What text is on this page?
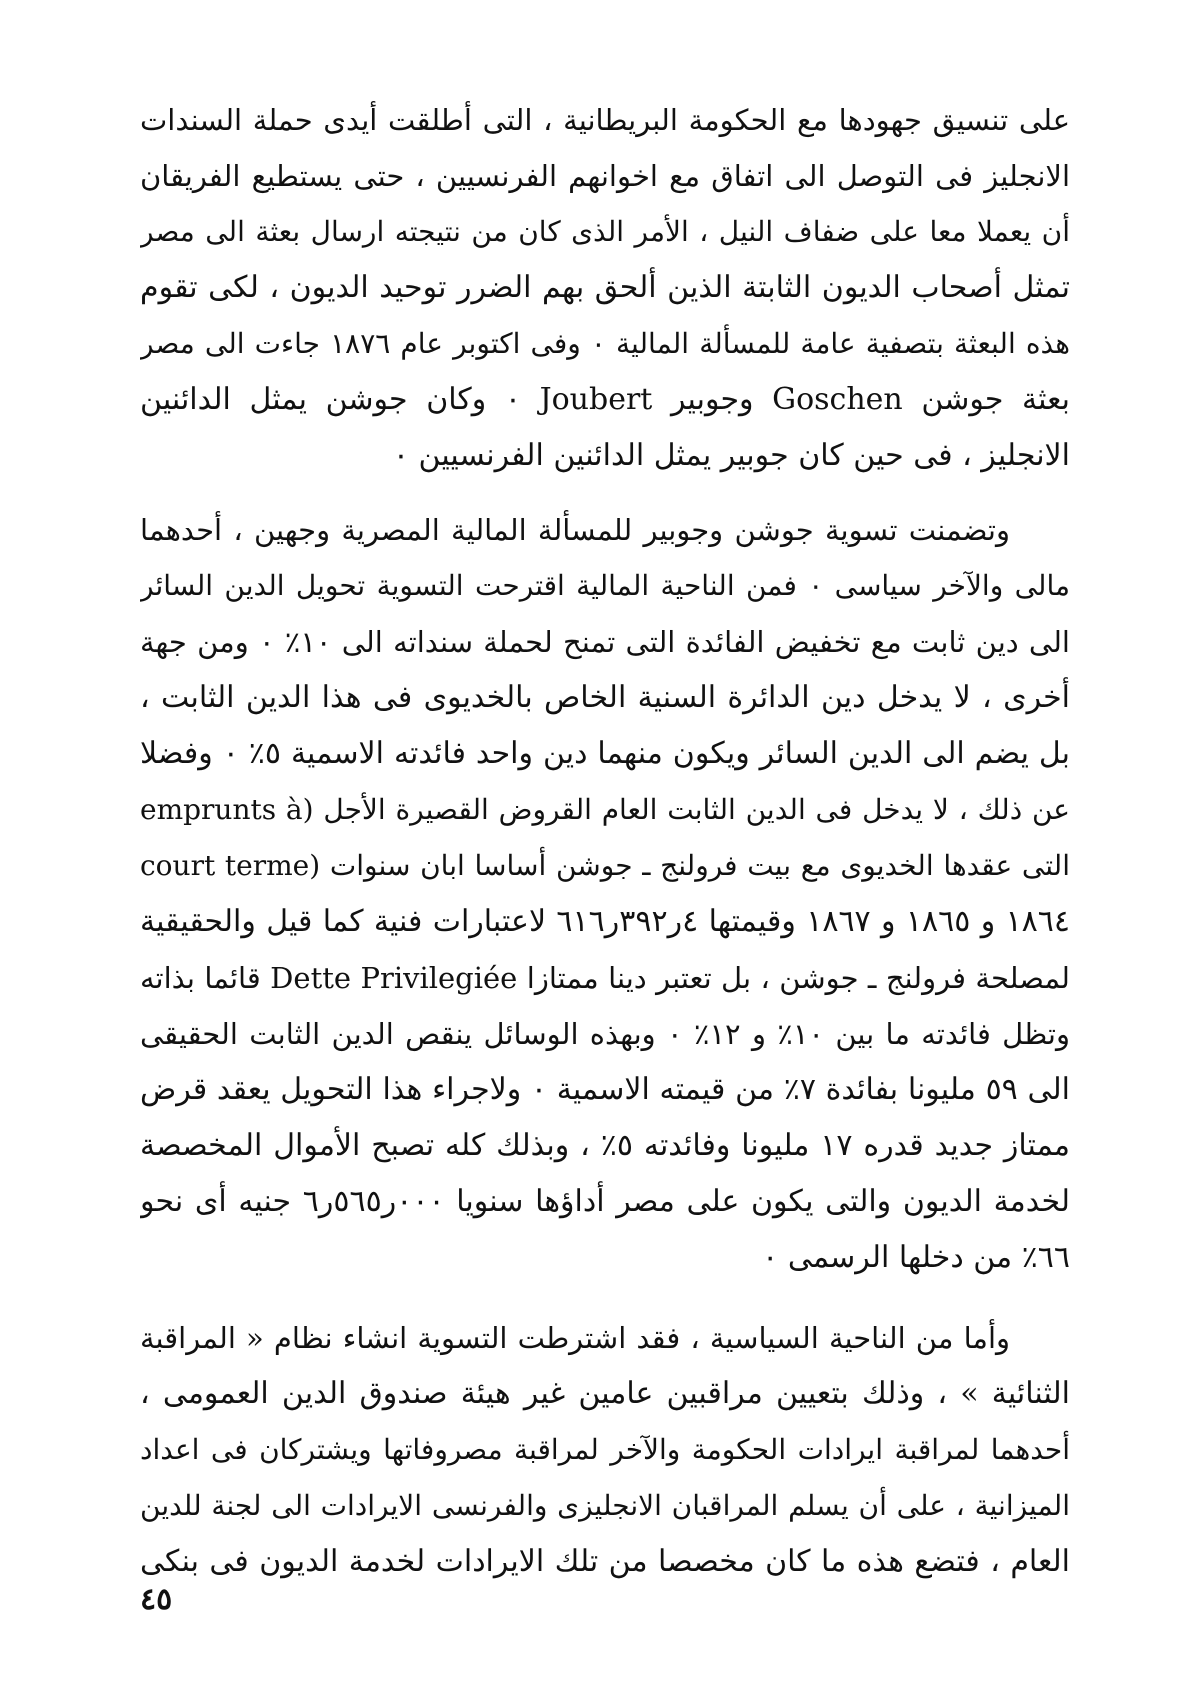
على تنسيق جهودها مع الحكومة البريطانية ، التى أطلقت أيدى حملة السندات
الانجليز فى التوصل الى اتفاق مع اخوانهم الفرنسيين ، حتى يستطيع الفريقان
أن يعملا معا على ضفاف النيل ، الأمر الذى كان من نتيجته ارسال بعثة الى مصر
تمثل أصحاب الديون الثابتة الذين ألحق بهم الضرر توحيد الديون ، لكى تقوم
هذه البعثة بتصفية عامة للمسألة المالية ٠ وفى اكتوبر عام ١٨٧٦ جاءت الى مصر
بعثة جوشن Goschen وجوبير Joubert ٠ وكان جوشن يمثل الدائنين
الانجليز ، فى حين كان جوبير يمثل الدائنين الفرنسيين ٠
وتضمنت تسوية جوشن وجوبير للمسألة المالية المصرية وجهين ، أحدهما
مالى والآخر سياسى ٠ فمن الناحية المالية اقترحت التسوية تحويل الدين السائر
الى دين ثابت مع تخفيض الفائدة التى تمنح لحملة سنداته الى ١٠٪ ٠ ومن جهة
أخرى ، لا يدخل دين الدائرة السنية الخاص بالخديوى فى هذا الدين الثابت ،
بل يضم الى الدين السائر ويكون منهما دين واحد فائدته الاسمية ٥٪ ٠ وفضلا
عن ذلك ، لا يدخل فى الدين الثابت العام القروض القصيرة الأجل (emprunts à
court terme) التى عقدها الخديوى مع بيت فرولنج ـ جوشن أساسا ابان سنوات
١٨٦٤ و ١٨٦٥ و ١٨٦٧ وقيمتها ٤ر٣٩٢ر٦١٦ لاعتبارات فنية كما قيل والحقيقية
لمصلحة فرولنج ـ جوشن ، بل تعتبر دينا ممتازا Dette Privilegiée قائما بذاته
وتظل فائدته ما بين ١٠٪ و ١٢٪ ٠ وبهذه الوسائل ينقص الدين الثابت الحقيقى
الى ٥٩ مليونا بفائدة ٧٪ من قيمته الاسمية ٠ ولاجراء هذا التحويل يعقد قرض
ممتاز جديد قدره ١٧ مليونا وفائدته ٥٪ ، وبذلك كله تصبح الأموال المخصصة
لخدمة الديون والتى يكون على مصر أداؤها سنويا ٠٠٠ر٥٦٥ر٦ جنيه أى نحو
٦٦٪ من دخلها الرسمى ٠
وأما من الناحية السياسية ، فقد اشترطت التسوية انشاء نظام « المراقبة
الثنائية » ، وذلك بتعيين مراقبين عامين غير هيئة صندوق الدين العمومى ،
أحدهما لمراقبة ايرادات الحكومة والآخر لمراقبة مصروفاتها ويشتركان فى اعداد
الميزانية ، على أن يسلم المراقبان الانجليزى والفرنسى الايرادات الى لجنة للدين
العام ، فتضع هذه ما كان مخصصا من تلك الايرادات لخدمة الديون فى بنكى
٤٥
